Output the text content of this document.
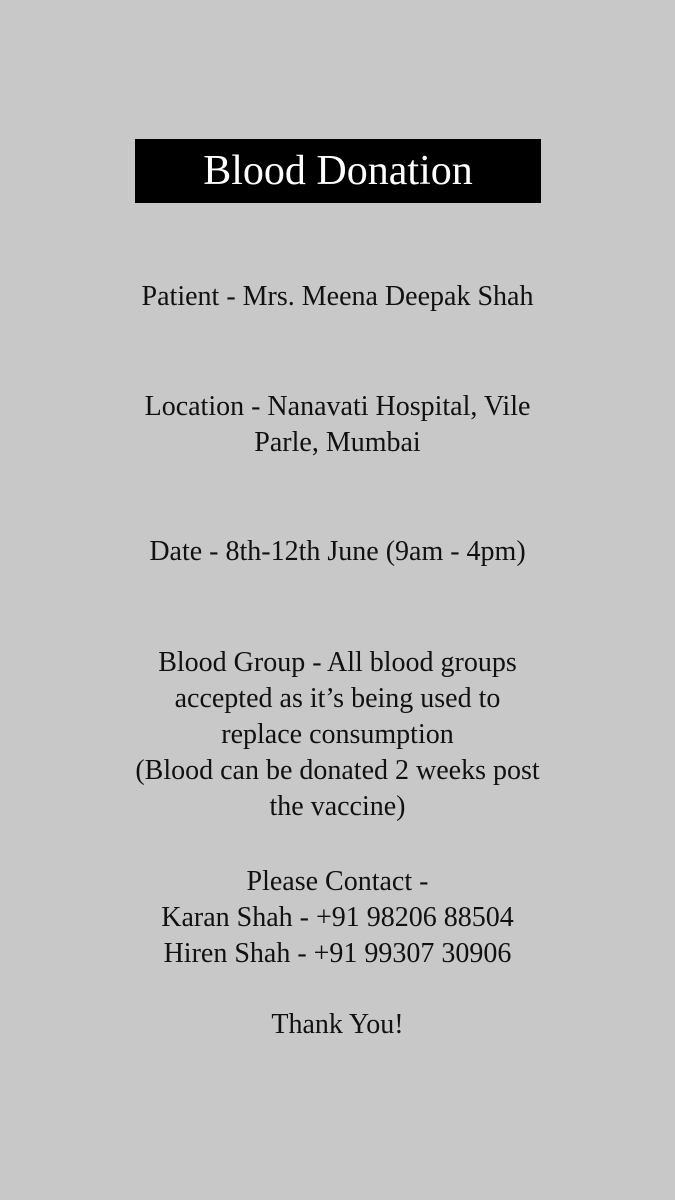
Blood Donation
Patient - Mrs. Meena Deepak Shah
Location - Nanavati Hospital, Vile
Parle, Mumbai
Date - 8th-12th June (9am - 4pm)
Blood Group - All blood groups
accepted as it’s being used to
replace consumption
(Blood can be donated 2 weeks post
the vaccine)
Please Contact -
Karan Shah - +91 98206 88504
Hiren Shah - +91 99307 30906
Thank You!
